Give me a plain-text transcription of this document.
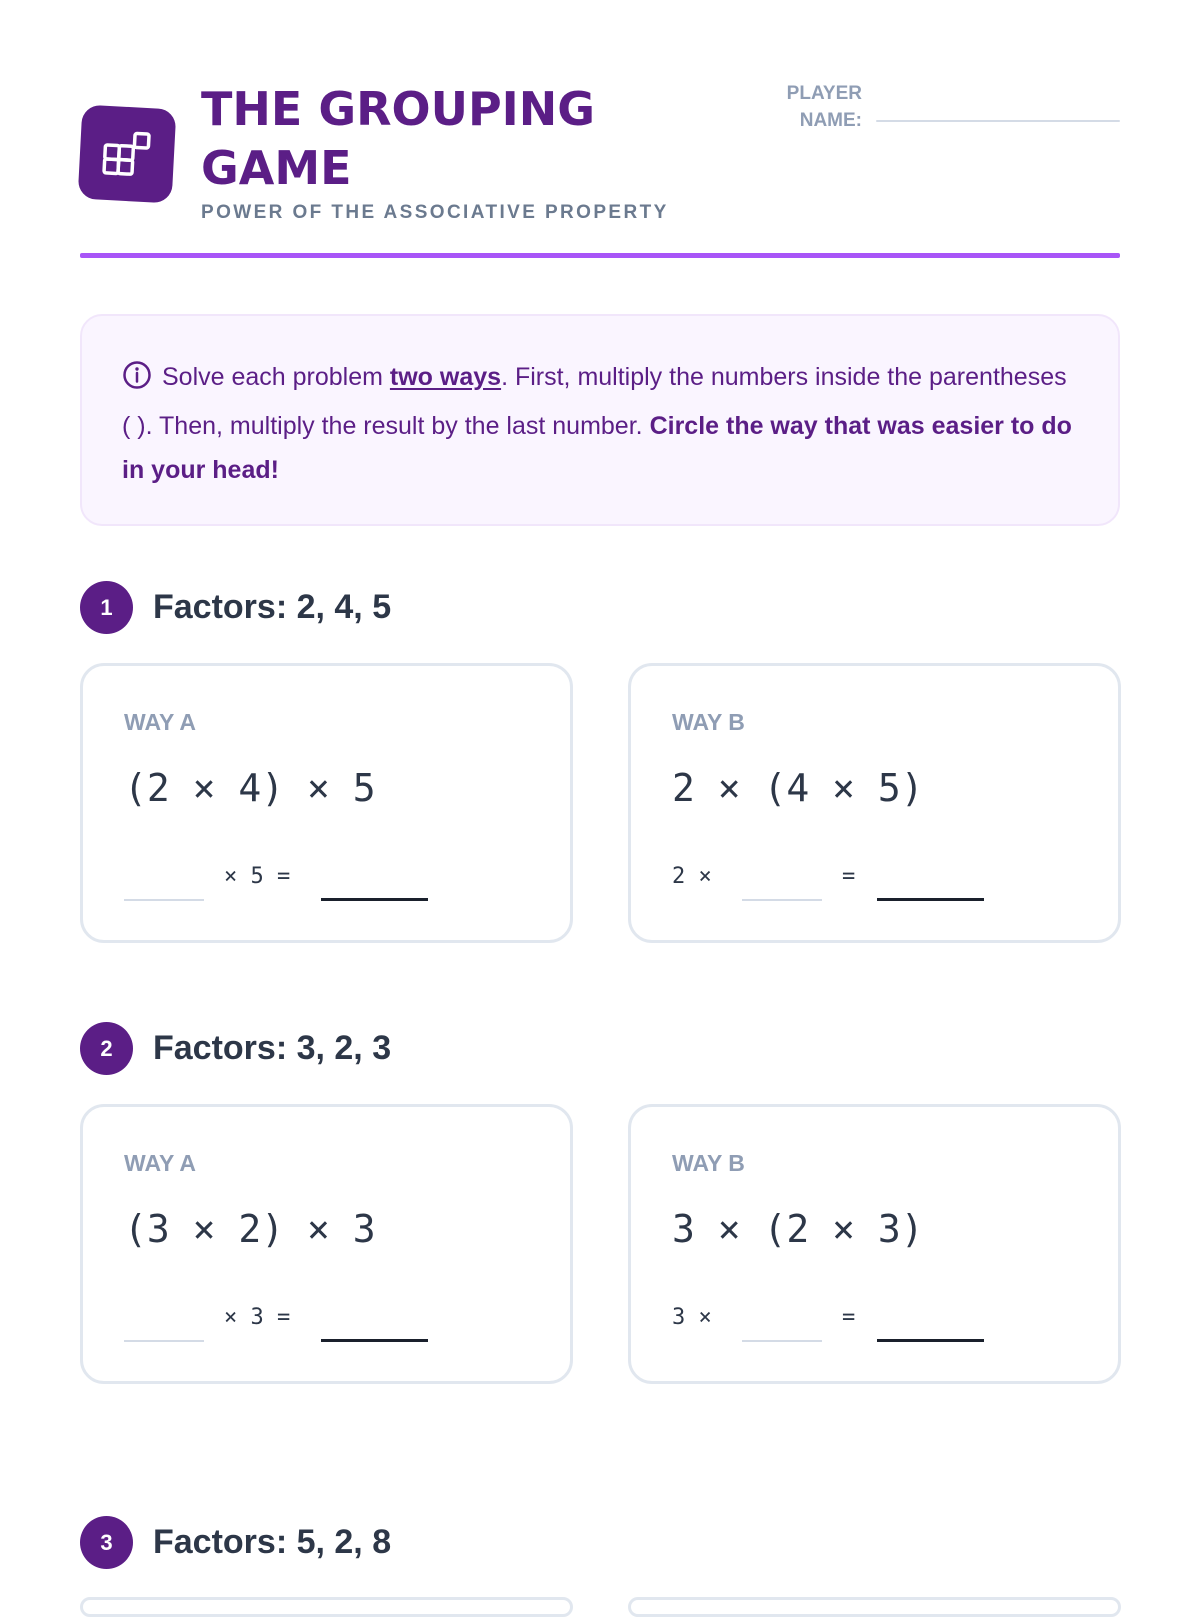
THE GROUPING
GAME
POWER OF THE ASSOCIATIVE PROPERTY
PLAYER
NAME:
Solve each problem two ways. First, multiply the numbers inside the parentheses ( ). Then, multiply the result by the last number. Circle the way that was easier to do in your head!
1	Factors: 2, 4, 5
WAY A
(2 × 4) × 5
× 5 =
WAY B
2 × (4 × 5)
2 ×	=
2	Factors: 3, 2, 3
WAY A
(3 × 2) × 3
× 3 =
WAY B
3 × (2 × 3)
3 ×	=
3	Factors: 5, 2, 8
